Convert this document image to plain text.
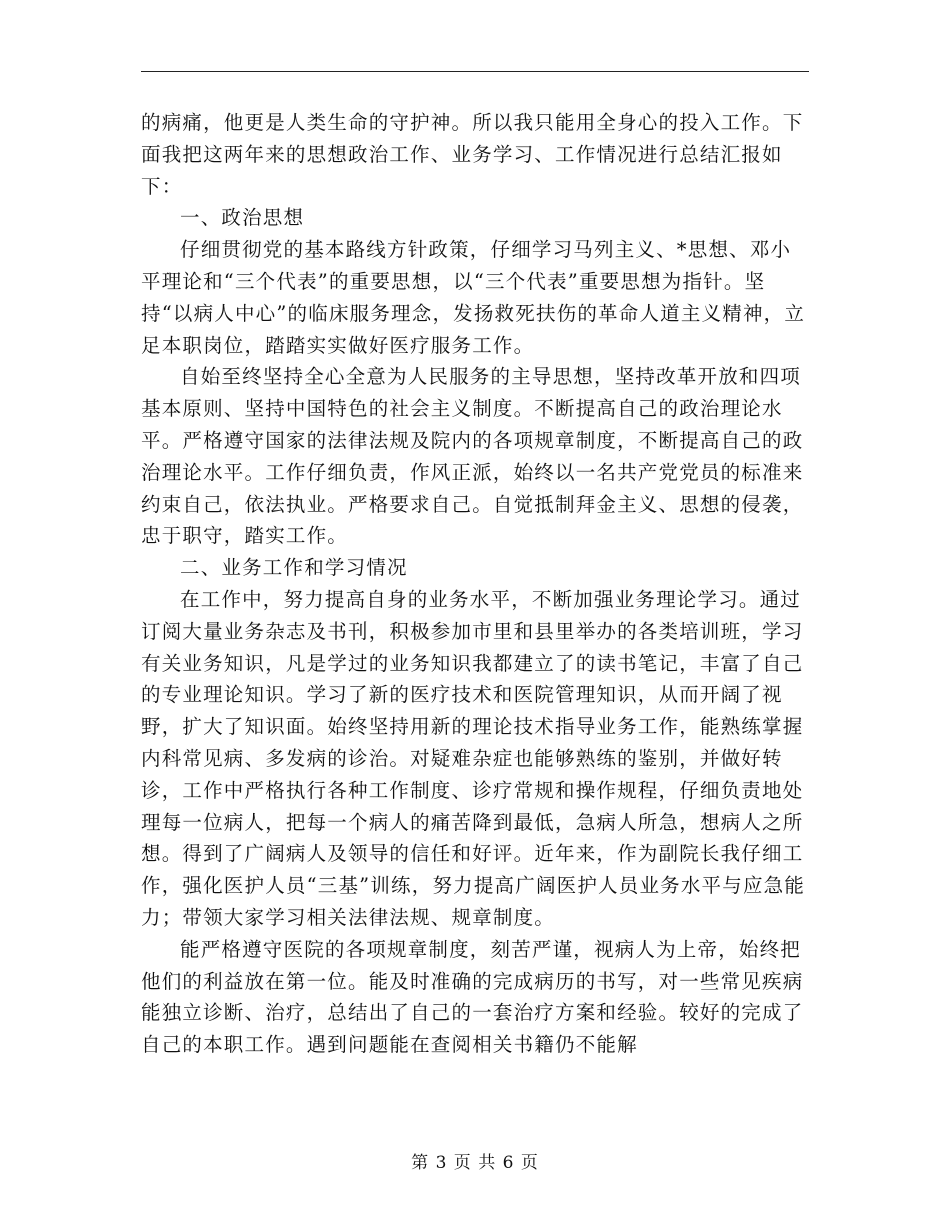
的病痛，他更是人类生命的守护神。所以我只能用全身心的投入工作。下面我把这两年来的思想政治工作、业务学习、工作情况进行总结汇报如下：

一、政治思想

仔细贯彻党的基本路线方针政策，仔细学习马列主义、*思想、邓小平理论和“三个代表”的重要思想，以“三个代表”重要思想为指针。坚持“以病人中心”的临床服务理念，发扬救死扶伤的革命人道主义精神，立足本职岗位，踏踏实实做好医疗服务工作。

自始至终坚持全心全意为人民服务的主导思想，坚持改革开放和四项基本原则、坚持中国特色的社会主义制度。不断提高自己的政治理论水平。严格遵守国家的法律法规及院内的各项规章制度，不断提高自己的政治理论水平。工作仔细负责，作风正派，始终以一名共产党党员的标准来约束自己，依法执业。严格要求自己。自觉抵制拜金主义、思想的侵袭，忠于职守，踏实工作。

二、业务工作和学习情况

在工作中，努力提高自身的业务水平，不断加强业务理论学习。通过订阅大量业务杂志及书刊，积极参加市里和县里举办的各类培训班，学习有关业务知识，凡是学过的业务知识我都建立了的读书笔记，丰富了自己的专业理论知识。学习了新的医疗技术和医院管理知识，从而开阔了视野，扩大了知识面。始终坚持用新的理论技术指导业务工作，能熟练掌握内科常见病、多发病的诊治。对疑难杂症也能够熟练的鉴别，并做好转诊，工作中严格执行各种工作制度、诊疗常规和操作规程，仔细负责地处理每一位病人，把每一个病人的痛苦降到最低，急病人所急，想病人之所想。得到了广阔病人及领导的信任和好评。近年来，作为副院长我仔细工作，强化医护人员“三基”训练，努力提高广阔医护人员业务水平与应急能力；带领大家学习相关法律法规、规章制度。

能严格遵守医院的各项规章制度，刻苦严谨，视病人为上帝，始终把他们的利益放在第一位。能及时准确的完成病历的书写，对一些常见疾病能独立诊断、治疗，总结出了自己的一套治疗方案和经验。较好的完成了自己的本职工作。遇到问题能在查阅相关书籍仍不能解

第 3 页 共 6 页
